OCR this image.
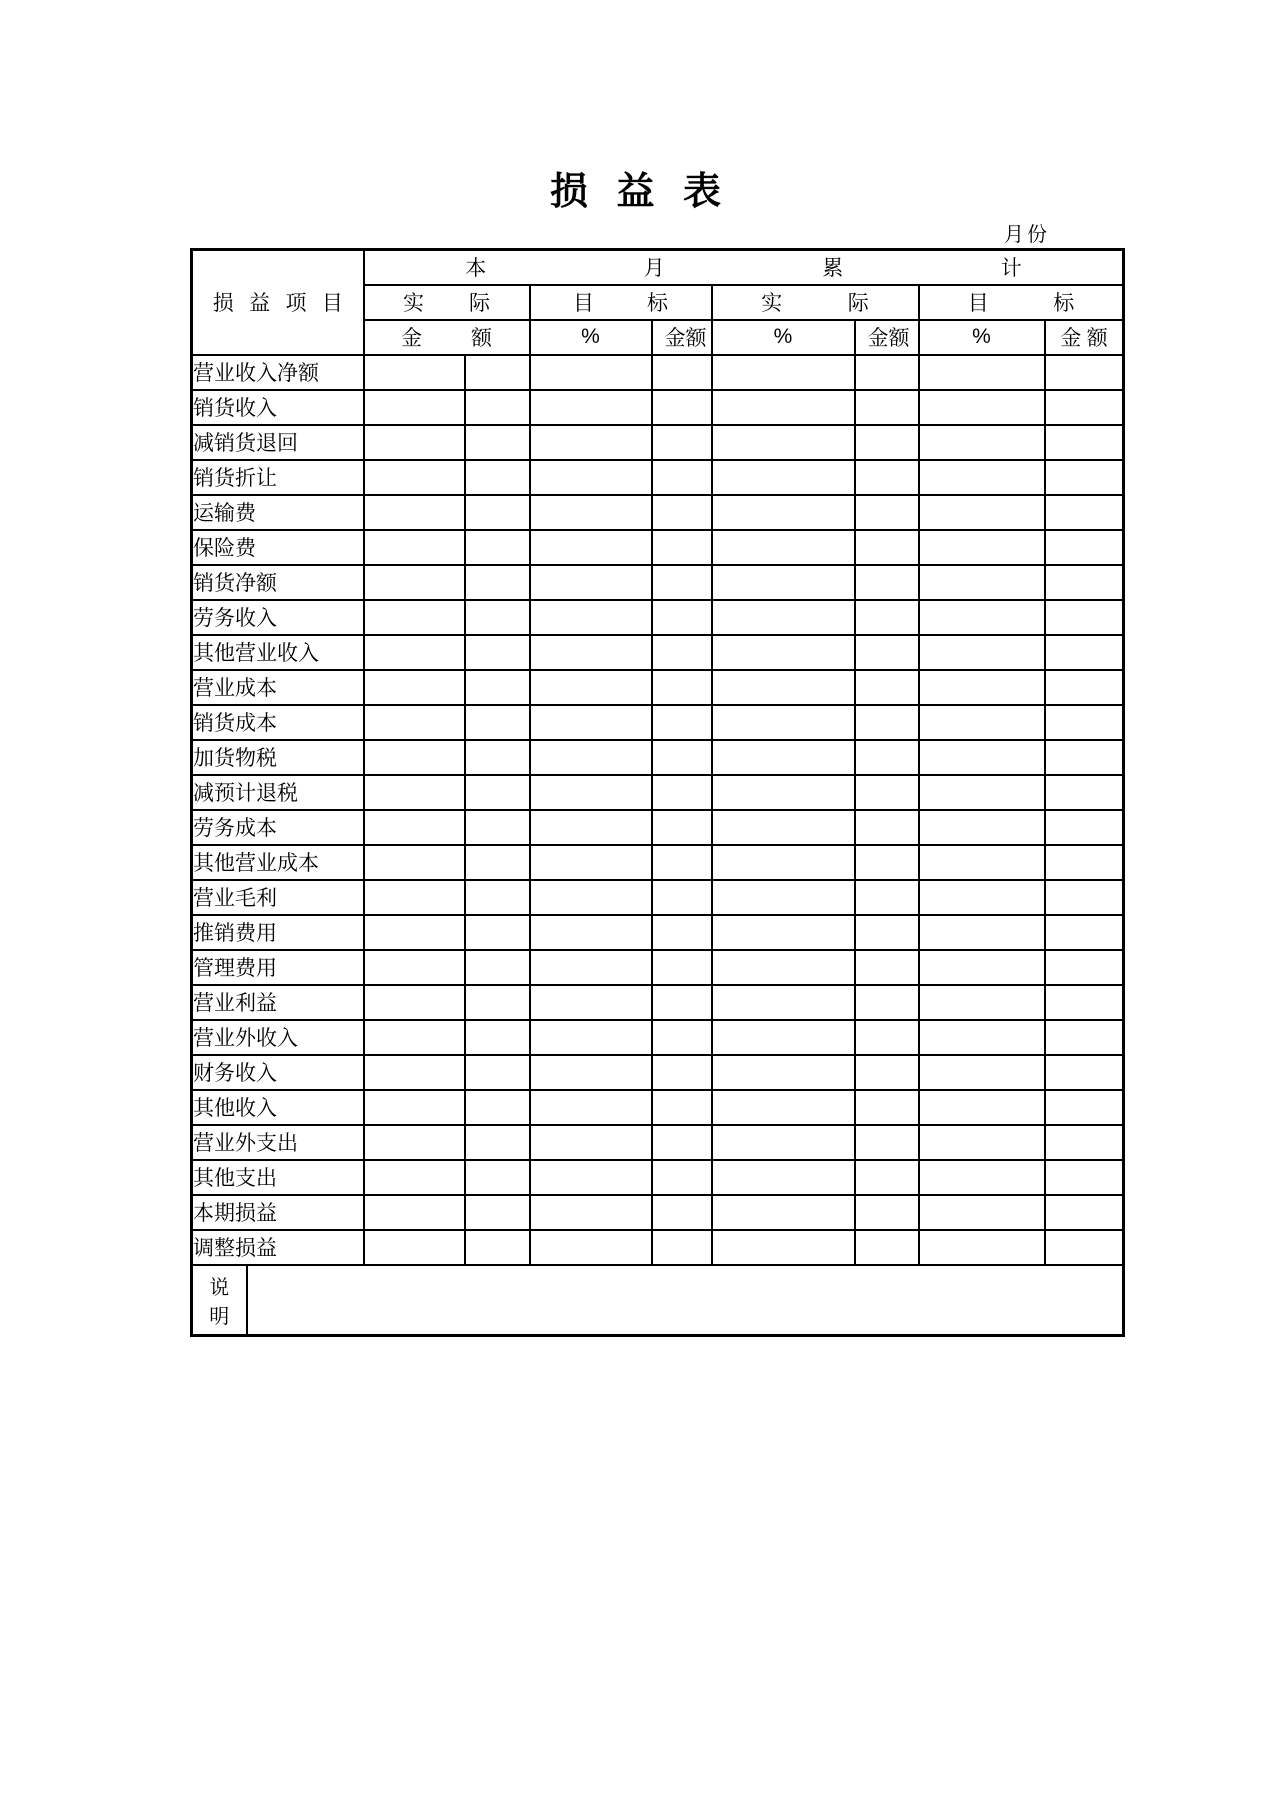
损 益 表
月份
损 益 项 目		本 月 累 计								

		实 际		目 标		实 际		目 标		

		金 额		%	金 额	%	金 额	%	金 额

营业收入净额										
销货收入										
减销货退回										
销货折让										
运输费										
保险费										
销货净额										
劳务收入										
其他营业收入										
营业成本										
销货成本										
加货物税										
减预计退税										
劳务成本										
其他营业成本										
营业毛利										
推销费用										
管理费用										
营业利益										
营业外收入										
财务收入										
其他收入										
营业外支出										
其他支出										
本期损益										
调整损益										

说
明										
